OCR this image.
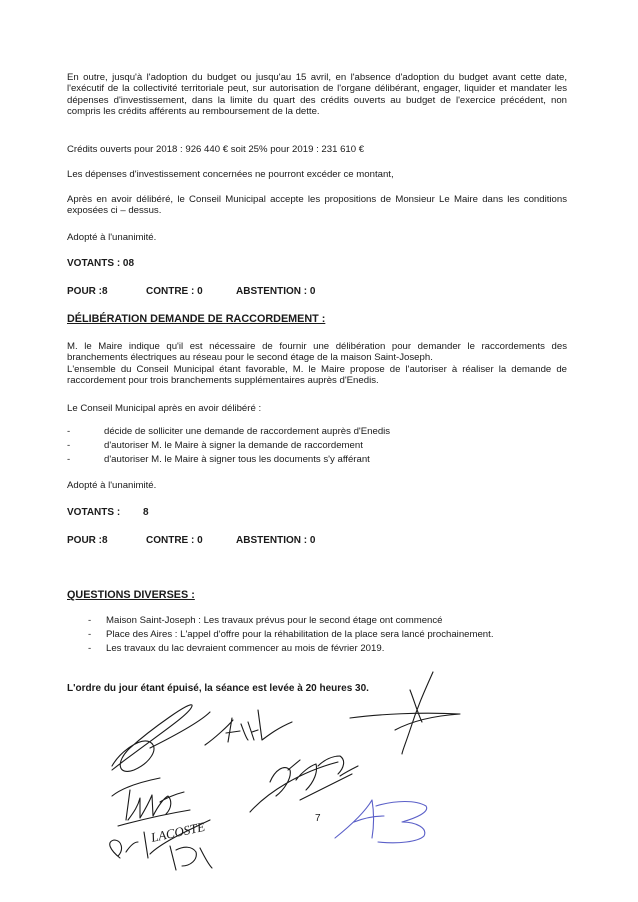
En outre, jusqu'à l'adoption du budget ou jusqu'au 15 avril, en l'absence d'adoption du budget avant cette date, l'exécutif de la collectivité territoriale peut, sur autorisation de l'organe délibérant, engager, liquider et mandater les dépenses d'investissement, dans la limite du quart des crédits ouverts au budget de l'exercice précédent, non compris les crédits afférents au remboursement de la dette.

Crédits ouverts pour 2018 : 926 440 € soit 25% pour 2019 : 231 610 €

Les dépenses d'investissement concernées ne pourront excéder ce montant,

Après en avoir délibéré, le Conseil Municipal accepte les propositions de Monsieur Le Maire dans les conditions exposées ci – dessus.

Adopté à l'unanimité.

VOTANTS : 08

POUR :8	CONTRE : 0	ABSTENTION : 0

DÉLIBÉRATION DEMANDE DE RACCORDEMENT :

M. le Maire indique qu'il est nécessaire de fournir une délibération pour demander le raccordements des branchements électriques au réseau pour le second étage de la maison Saint-Joseph.

L'ensemble du Conseil Municipal étant favorable, M. le Maire propose de l'autoriser à réaliser la demande de raccordement pour trois branchements supplémentaires auprès d'Enedis.

Le Conseil Municipal après en avoir délibéré :

-	décide de solliciter une demande de raccordement auprès d'Enedis

-	d'autoriser M. le Maire à signer la demande de raccordement

-	d'autoriser M. le Maire à signer tous les documents s'y afférant

Adopté à l'unanimité.

VOTANTS : 8

POUR :8	CONTRE : 0	ABSTENTION : 0

QUESTIONS DIVERSES :

- Maison Saint-Joseph : Les travaux prévus pour le second étage ont commencé

- Place des Aires : L'appel d'offre pour la réhabilitation de la place sera lancé prochainement.

- Les travaux du lac devraient commencer au mois de février 2019.

L'ordre du jour étant épuisé, la séance est levée à 20 heures 30.

7
LACOSTE
